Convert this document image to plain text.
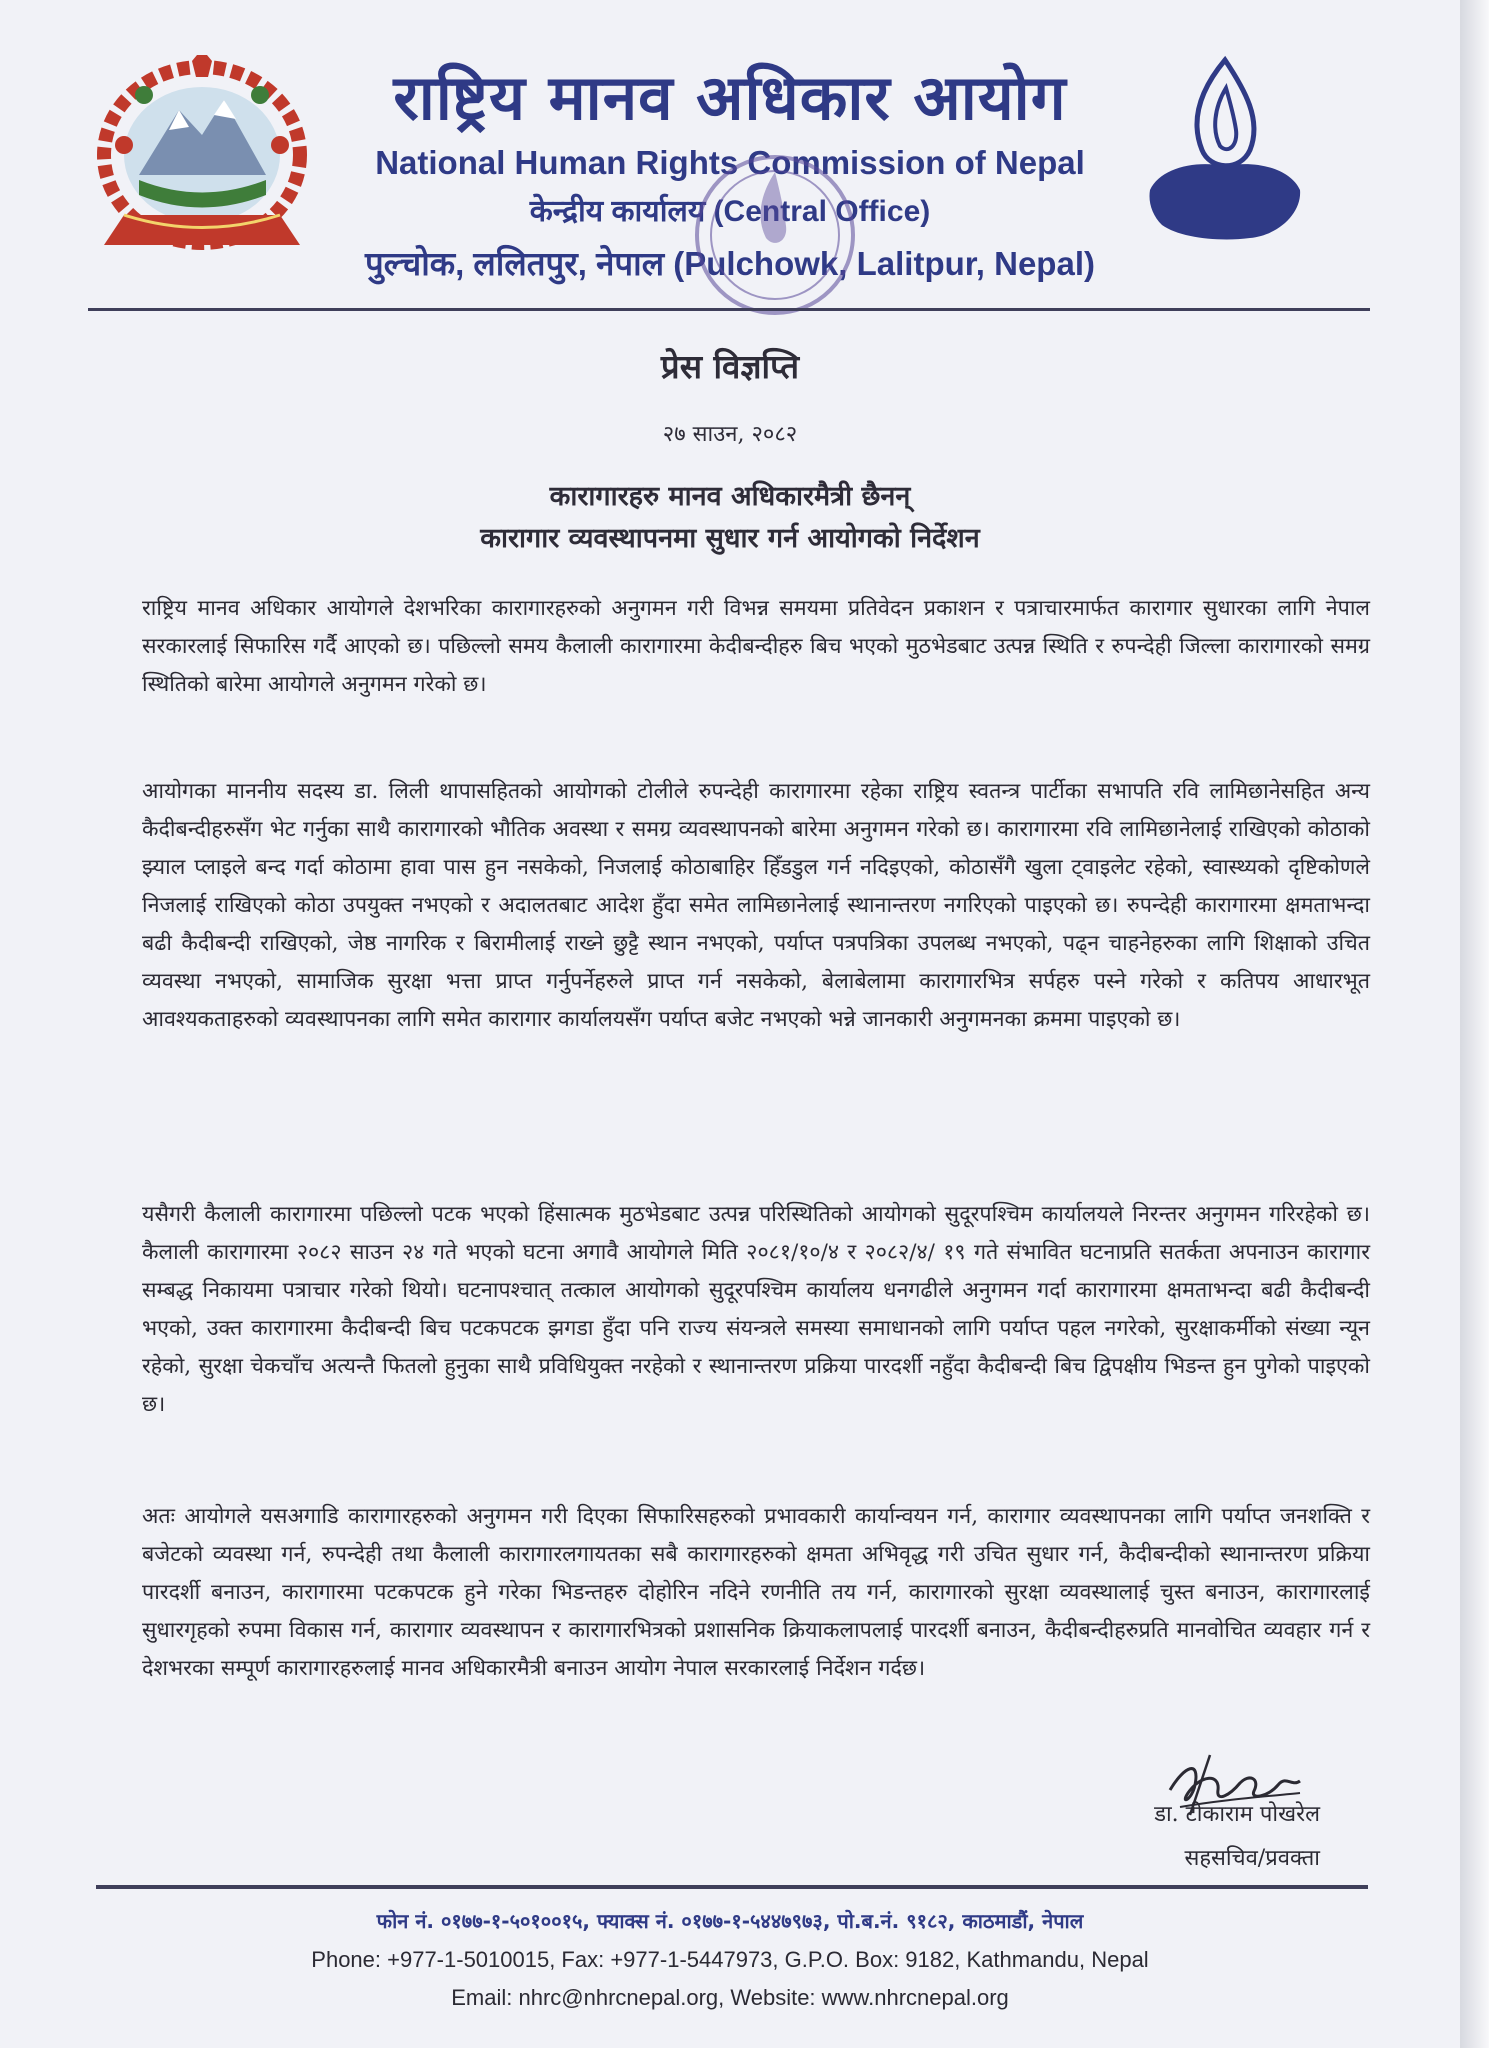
राष्ट्रिय मानव अधिकार आयोग
National Human Rights Commission of Nepal
केन्द्रीय कार्यालय (Central Office)
पुल्चोक, ललितपुर, नेपाल (Pulchowk, Lalitpur, Nepal)
प्रेस विज्ञप्ति
२७ साउन, २०८२
कारागारहरु मानव अधिकारमैत्री छैनन्
कारागार व्यवस्थापनमा सुधार गर्न आयोगको निर्देशन

राष्ट्रिय मानव अधिकार आयोगले देशभरिका कारागारहरुको अनुगमन गरी विभन्न समयमा प्रतिवेदन प्रकाशन र पत्राचारमार्फत कारागार सुधारका लागि नेपाल सरकारलाई सिफारिस गर्दै आएको छ। पछिल्लो समय कैलाली कारागारमा केदीबन्दीहरु बिच भएको मुठभेडबाट उत्पन्न स्थिति र रुपन्देही जिल्ला कारागारको समग्र स्थितिको बारेमा आयोगले अनुगमन गरेको छ।

आयोगका माननीय सदस्य डा. लिली थापासहितको आयोगको टोलीले रुपन्देही कारागारमा रहेका राष्ट्रिय स्वतन्त्र पार्टीका सभापति रवि लामिछानेसहित अन्य कैदीबन्दीहरुसँग भेट गर्नुका साथै कारागारको भौतिक अवस्था र समग्र व्यवस्थापनको बारेमा अनुगमन गरेको छ। कारागारमा रवि लामिछानेलाई राखिएको कोठाको झ्याल प्लाइले बन्द गर्दा कोठामा हावा पास हुन नसकेको, निजलाई कोठाबाहिर हिँडडुल गर्न नदिइएको, कोठासँगै खुला ट्वाइलेट रहेको, स्वास्थ्यको दृष्टिकोणले निजलाई राखिएको कोठा उपयुक्त नभएको र अदालतबाट आदेश हुँदा समेत लामिछानेलाई स्थानान्तरण नगरिएको पाइएको छ। रुपन्देही कारागारमा क्षमताभन्दा बढी कैदीबन्दी राखिएको, जेष्ठ नागरिक र बिरामीलाई राख्ने छुट्टै स्थान नभएको, पर्याप्त पत्रपत्रिका उपलब्ध नभएको, पढ्न चाहनेहरुका लागि शिक्षाको उचित व्यवस्था नभएको, सामाजिक सुरक्षा भत्ता प्राप्त गर्नुपर्नेहरुले प्राप्त गर्न नसकेको, बेलाबेलामा कारागारभित्र सर्पहरु पस्ने गरेको र कतिपय आधारभूत आवश्यकताहरुको व्यवस्थापनका लागि समेत कारागार कार्यालयसँग पर्याप्त बजेट नभएको भन्ने जानकारी अनुगमनका क्रममा पाइएको छ।

यसैगरी कैलाली कारागारमा पछिल्लो पटक भएको हिंसात्मक मुठभेडबाट उत्पन्न परिस्थितिको आयोगको सुदूरपश्चिम कार्यालयले निरन्तर अनुगमन गरिरहेको छ। कैलाली कारागारमा २०८२ साउन २४ गते भएको घटना अगावै आयोगले मिति २०८१/१०/४ र २०८२/४/ १९ गते संभावित घटनाप्रति सतर्कता अपनाउन कारागार सम्बद्ध निकायमा पत्राचार गरेको थियो। घटनापश्चात् तत्काल आयोगको सुदूरपश्चिम कार्यालय धनगढीले अनुगमन गर्दा कारागारमा क्षमताभन्दा बढी कैदीबन्दी भएको, उक्त कारागारमा कैदीबन्दी बिच पटकपटक झगडा हुँदा पनि राज्य संयन्त्रले समस्या समाधानको लागि पर्याप्त पहल नगरेको, सुरक्षाकर्मीको संख्या न्यून रहेको, सुरक्षा चेकचाँच अत्यन्तै फितलो हुनुका साथै प्रविधियुक्त नरहेको र स्थानान्तरण प्रक्रिया पारदर्शी नहुँदा कैदीबन्दी बिच द्विपक्षीय भिडन्त हुन पुगेको पाइएको छ।

अतः आयोगले यसअगाडि कारागारहरुको अनुगमन गरी दिएका सिफारिसहरुको प्रभावकारी कार्यान्वयन गर्न, कारागार व्यवस्थापनका लागि पर्याप्त जनशक्ति र बजेटको व्यवस्था गर्न, रुपन्देही तथा कैलाली कारागारलगायतका सबै कारागारहरुको क्षमता अभिवृद्ध गरी उचित सुधार गर्न, कैदीबन्दीको स्थानान्तरण प्रक्रिया पारदर्शी बनाउन, कारागारमा पटकपटक हुने गरेका भिडन्तहरु दोहोरिन नदिने रणनीति तय गर्न, कारागारको सुरक्षा व्यवस्थालाई चुस्त बनाउन, कारागारलाई सुधारगृहको रुपमा विकास गर्न, कारागार व्यवस्थापन र कारागारभित्रको प्रशासनिक क्रियाकलापलाई पारदर्शी बनाउन, कैदीबन्दीहरुप्रति मानवोचित व्यवहार गर्न र देशभरका सम्पूर्ण कारागारहरुलाई मानव अधिकारमैत्री बनाउन आयोग नेपाल सरकारलाई निर्देशन गर्दछ।

डा. टीकाराम पोखरेल
सहसचिव/प्रवक्ता
फोन नं. ०१७७-१-५०१००१५, फ्याक्स नं. ०१७७-१-५४४७९७३, पो.ब.नं. ९१८२, काठमाडौं, नेपाल
Phone: +977-1-5010015, Fax: +977-1-5447973, G.P.O. Box: 9182, Kathmandu, Nepal
Email: nhrc@nhrcnepal.org, Website: www.nhrcnepal.org
